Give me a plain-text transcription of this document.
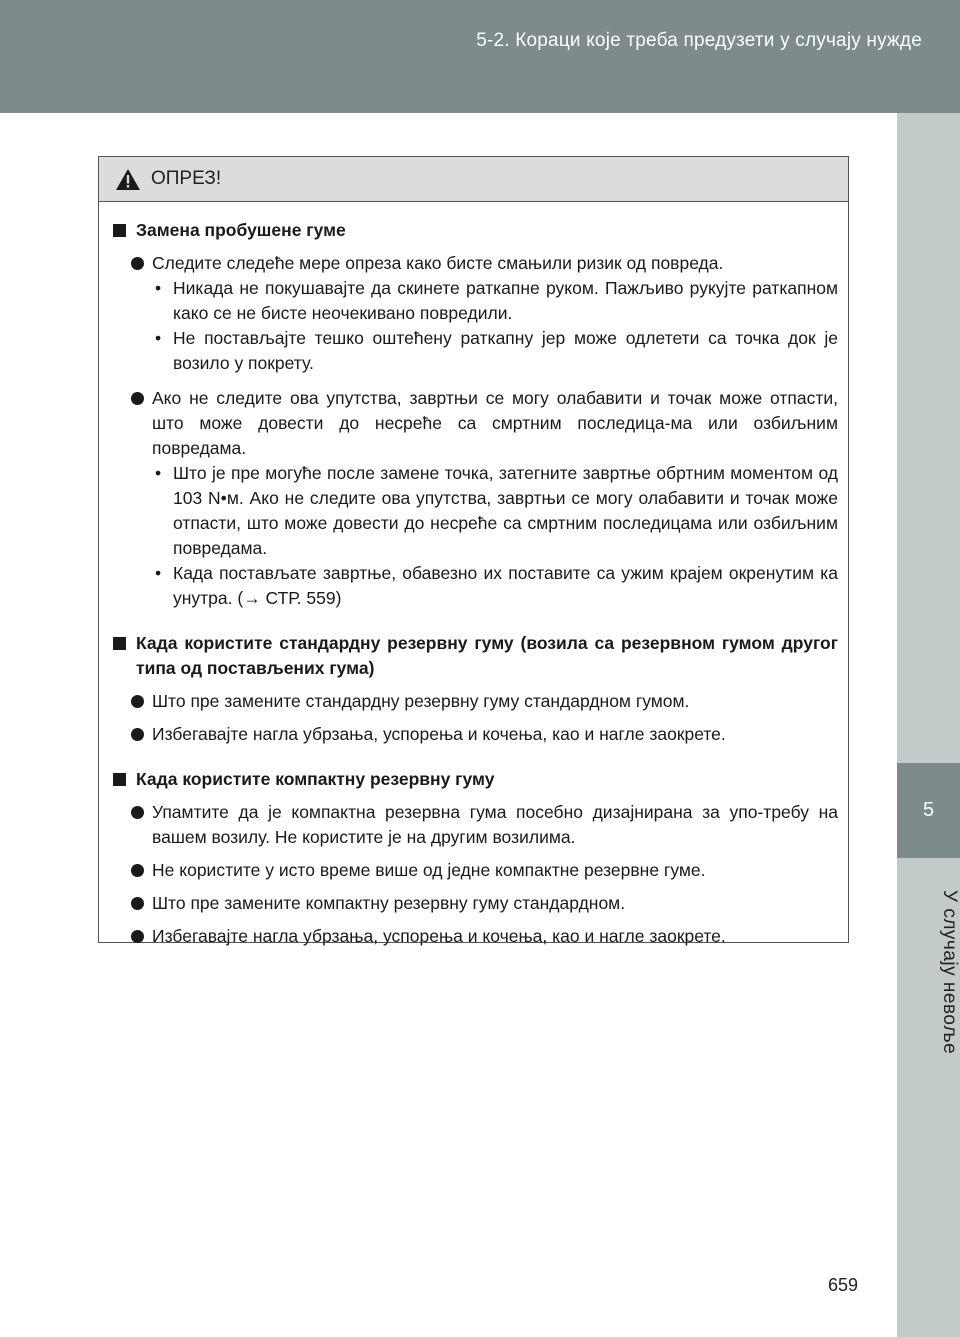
5-2. Кораци које треба предузети у случају нужде
5
У случају невоље
ОПРЕЗ!
Замена пробушене гуме
Следите следеће мере опреза како бисте смањили ризик од повреда.
• Никада не покушавајте да скинете раткапне руком. Пажљиво рукујте раткапном како се не бисте неочекивано повредили.
• Не постављајте тешко оштећену раткапну јер може одлетети са точка док је возило у покрету.
Ако не следите ова упутства, завртњи се могу олабавити и точак може отпасти, што може довести до несреће са смртним последица-ма или озбиљним повредама.
• Што је пре могуће после замене точка, затегните завртње обртним моментом од 103 N•м. Ако не следите ова упутства, завртњи се могу олабавити и точак може отпасти, што може довести до несреће са смртним последицама или озбиљним повредама.
• Када постављате завртње, обавезно их поставите са ужим крајем окренутим ка унутра. (→ СТР. 559)
Када користите стандардну резервну гуму (возила са резервном гумом другог типа од постављених гума)
Што пре замените стандардну резервну гуму стандардном гумом.
Избегавајте нагла убрзања, успорења и кочења, као и нагле заокрете.
Када користите компактну резервну гуму
Упамтите да је компактна резервна гума посебно дизајнирана за упо-требу на вашем возилу. Не користите је на другим возилима.
Не користите у исто време више од једне компактне резервне гуме.
Што пре замените компактну резервну гуму стандардном.
Избегавајте нагла убрзања, успорења и кочења, као и нагле заокрете.
659
